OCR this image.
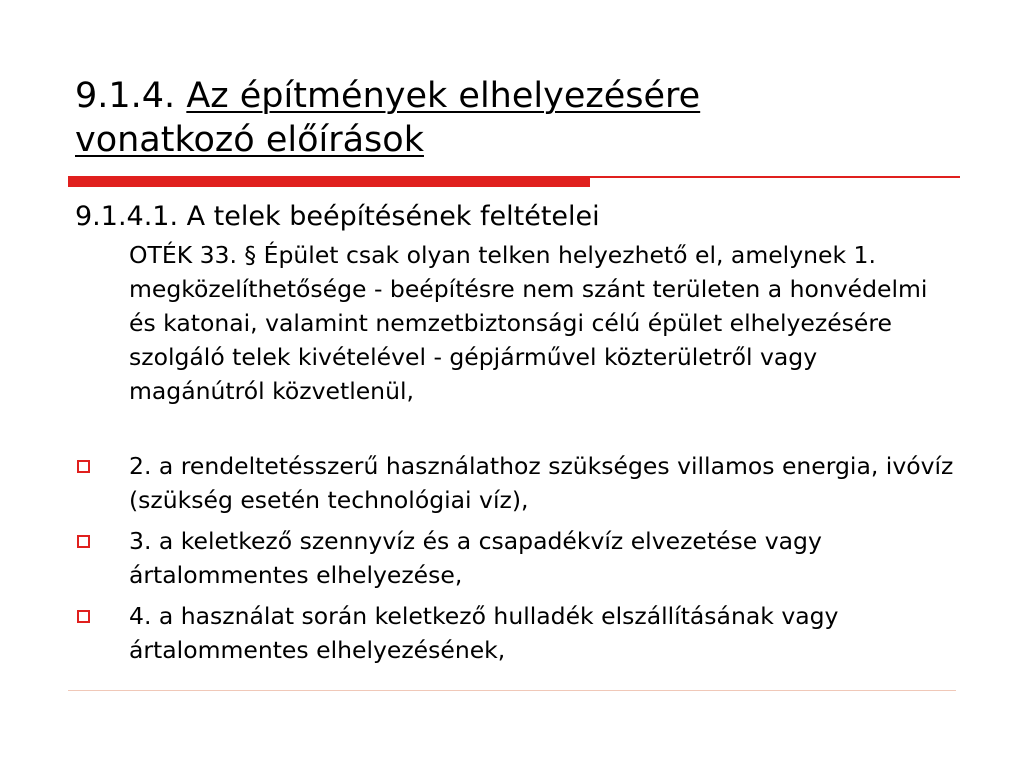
9.1.4. Az építmények elhelyezésére
vonatkozó előírások
9.1.4.1. A telek beépítésének feltételei

OTÉK 33. § Épület csak olyan telken helyezhető el, amelynek 1. megközelíthetősége - beépítésre nem szánt területen a honvédelmi és katonai, valamint nemzetbiztonsági célú épület elhelyezésére szolgáló telek kivételével - gépjárművel közterületről vagy magánútról közvetlenül,

2. a rendeltetésszerű használathoz szükséges villamos energia, ivóvíz (szükség esetén technológiai víz),
3. a keletkező szennyvíz és a csapadékvíz elvezetése vagy ártalommentes elhelyezése,
4. a használat során keletkező hulladék elszállításának vagy ártalommentes elhelyezésének,
